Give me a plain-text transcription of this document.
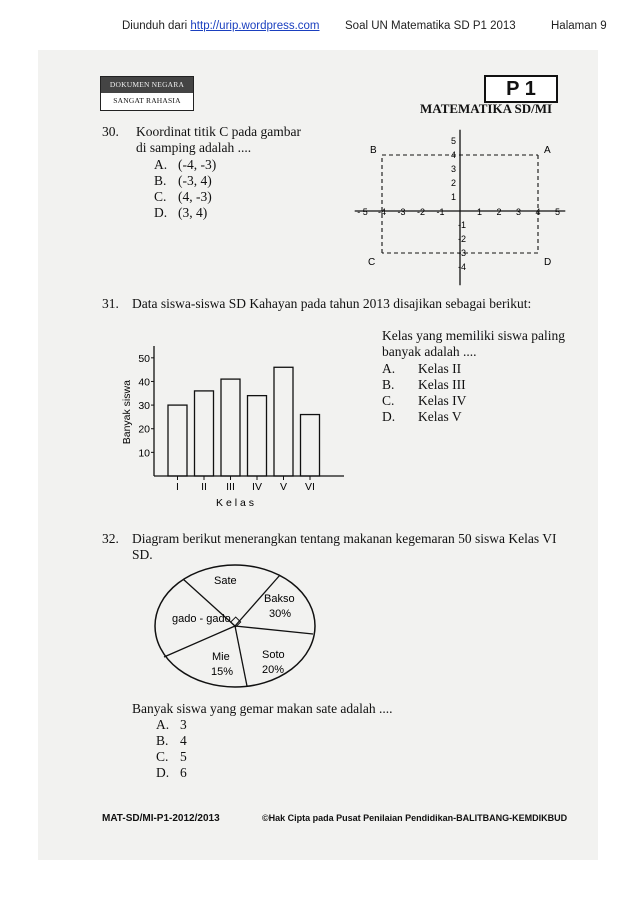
Diunduh dari http://urip.wordpress.com Soal UN Matematika SD P1 2013	Halaman 9
DOKUMEN NEGARA
SANGAT RAHASIA
P 1
MATEMATIKA SD/MI
30. Koordinat titik C pada gambar
di samping adalah ....
A. (-4, -3)
B. (-3, 4)
C. (4, -3)
D. (3, 4)	- 5 -4 -3 -2 -1	1 2 3 4 5
5
4
3
2
1
-1
-2
-3
-4
A
B
C	D
31. Data siswa-siswa SD Kahayan pada tahun 2013 disajikan sebagai berikut:
10
20
30
40
50
I II III IV V VI
K e l a s
Banyak siswa
Kelas yang memiliki siswa paling
banyak adalah ....
A. Kelas II
B. Kelas III
C. Kelas IV
D. Kelas V
32. Diagram berikut menerangkan tentang makanan kegemaran 50 siswa Kelas VI
SD.
Sate
Bakso
30%
gado - gado
Mie
15%
Soto
20%
Banyak siswa yang gemar makan sate adalah ....
A. 3
B. 4
C. 5
D. 6
MAT-SD/MI-P1-2012/2013	©Hak Cipta pada Pusat Penilaian Pendidikan-BALITBANG-KEMDIKBUD
